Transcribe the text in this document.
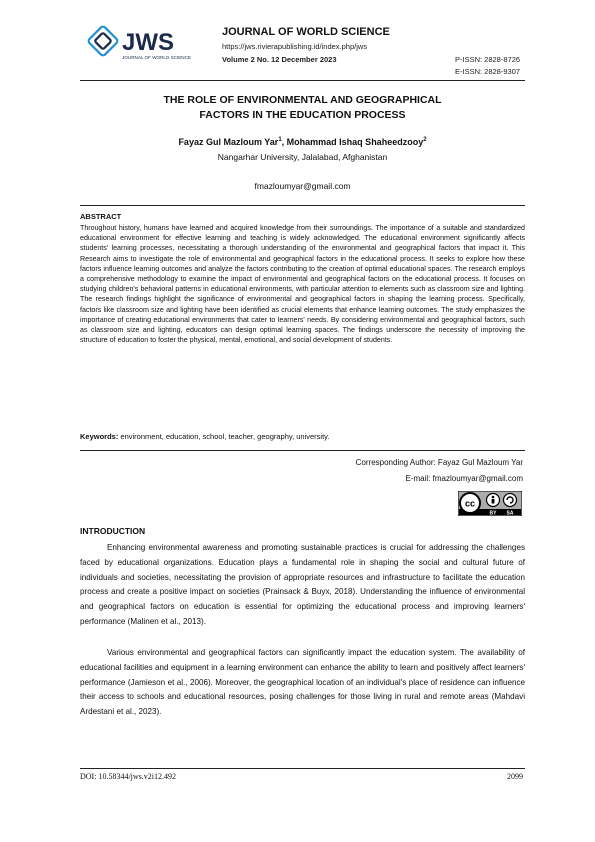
JWS
JOURNAL OF WORLD SCIENCE
JOURNAL OF WORLD SCIENCE
https://jws.rivierapublishing.id/index.php/jws
Volume 2 No. 12 December 2023	P-ISSN: 2828-8726
E-ISSN: 2828-9307
THE ROLE OF ENVIRONMENTAL AND GEOGRAPHICAL
FACTORS IN THE EDUCATION PROCESS
Fayaz Gul Mazloum Yar$^1$, Mohammad Ishaq Shaheedzooy$^2$
Nangarhar University, Jalalabad, Afghanistan
fmazloumyar@gmail.com
ABSTRACT
Throughout history, humans have learned and acquired knowledge from their surroundings. The importance of a suitable and standardized educational environment for effective learning and teaching is widely acknowledged. The educational environment significantly affects students' learning processes, necessitating a thorough understanding of the environmental and geographical factors that impact it. This Research aims to investigate the role of environmental and geographical factors in the educational process. It seeks to explore how these factors influence learning outcomes and analyze the factors contributing to the creation of optimal educational spaces. The research employs a comprehensive methodology to examine the impact of environmental and geographical factors on the educational process. It focuses on studying children's behavioral patterns in educational environments, with particular attention to elements such as classroom size and lighting. The research findings highlight the significance of environmental and geographical factors in shaping the learning process. Specifically, factors like classroom size and lighting have been identified as crucial elements that enhance learning outcomes. The study emphasizes the importance of creating educational environments that cater to learners' needs. By considering environmental and geographical factors, such as classroom size and lighting, educators can design optimal learning spaces. The findings underscore the necessity of improving the structure of education to foster the physical, mental, emotional, and social development of students.
Keywords: environment, education, school, teacher, geography, university.
Corresponding Author: Fayaz Gul Mazloum Yar
E-mail: fmazloumyar@gmail.com
cc
BY SA
INTRODUCTION

Enhancing environmental awareness and promoting sustainable practices is crucial for addressing the challenges faced by educational organizations. Education plays a fundamental role in shaping the social and cultural future of individuals and societies, necessitating the provision of appropriate resources and infrastructure to facilitate the education process and create a positive impact on societies (Prainsack & Buyx, 2018). Understanding the influence of environmental and geographical factors on education is essential for optimizing the educational process and improving learners' performance (Malinen et al., 2013).

Various environmental and geographical factors can significantly impact the education system. The availability of educational facilities and equipment in a learning environment can enhance the ability to learn and positively affect learners' performance (Jamieson et al., 2006). Moreover, the geographical location of an individual's place of residence can influence their access to schools and educational resources, posing challenges for those living in rural and remote areas (Mahdavi Ardestani et al., 2023).

DOI: 10.58344/jws.v2i12.492	2099
